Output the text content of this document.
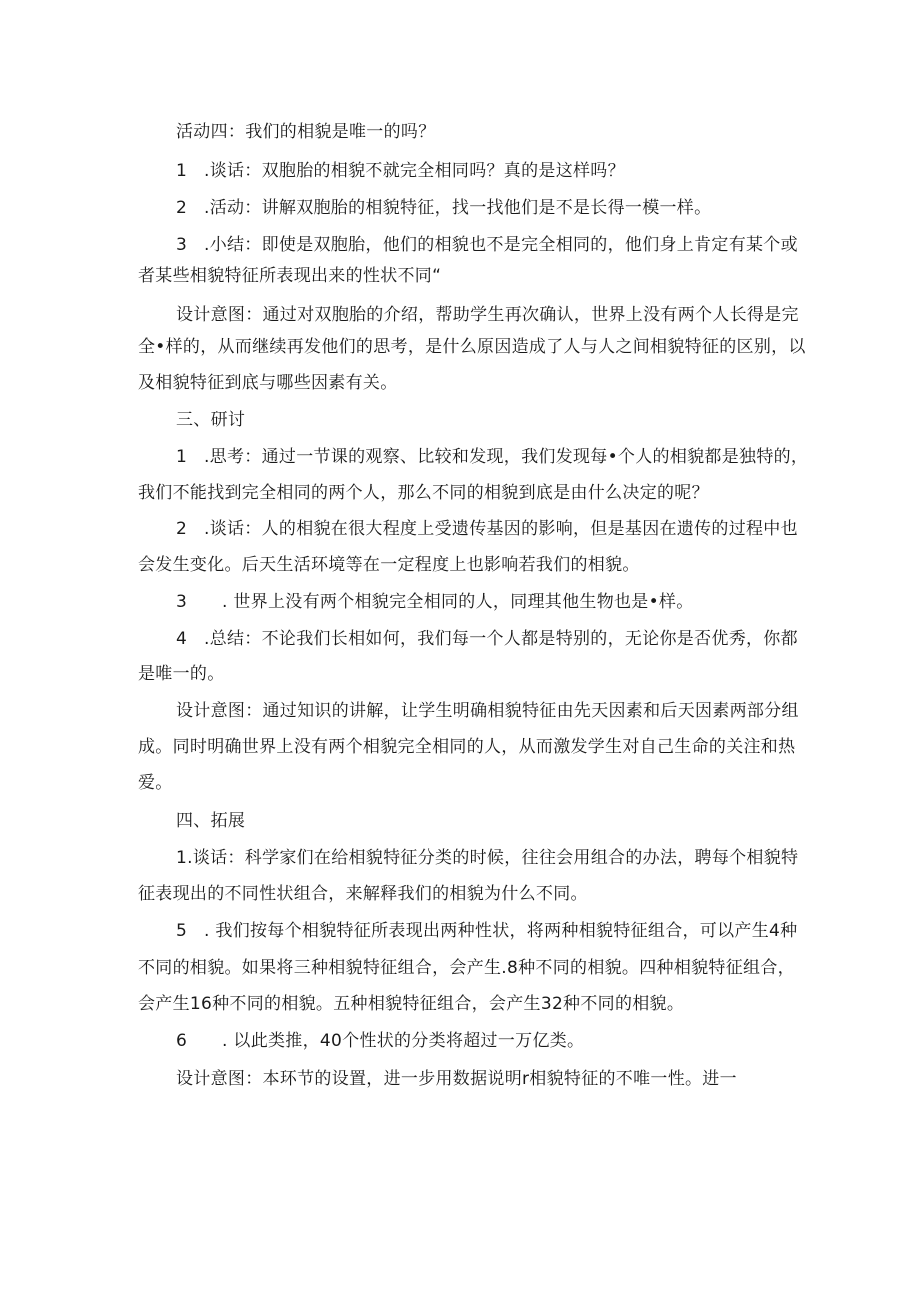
活动四：我们的相貌是唯一的吗？

1 .谈话：双胞胎的相貌不就完全相同吗？真的是这样吗？

2 .活动：讲解双胞胎的相貌特征，找一找他们是不是长得一模一样。

3 .小结：即使是双胞胎，他们的相貌也不是完全相同的，他们身上肯定有某个或

者某些相貌特征所表现出来的性状不同“

设计意图：通过对双胞胎的介绍，帮助学生再次确认，世界上没有两个人长得是完

全•样的，从而继续再发他们的思考，是什么原因造成了人与人之间相貌特征的区别，以

及相貌特征到底与哪些因素有关。

三、研讨

1 .思考：通过一节课的观察、比较和发现，我们发现每•个人的相貌都是独特的，

我们不能找到完全相同的两个人，那么不同的相貌到底是由什么决定的呢？

2 .谈话：人的相貌在很大程度上受遗传基因的影响，但是基因在遗传的过程中也

会发生变化。后天生活环境等在一定程度上也影响若我们的相貌。

3 . 世界上没有两个相貌完全相同的人，同理其他生物也是•样。

4 .总结：不论我们长相如何，我们每一个人都是特别的，无论你是否优秀，你都

是唯一的。

设计意图：通过知识的讲解，让学生明确相貌特征由先天因素和后天因素两部分组

成。同时明确世界上没有两个相貌完全相同的人，从而激发学生对自己生命的关注和热

爱。

四、拓展

1.谈话：科学家们在给相貌特征分类的时候，往往会用组合的办法，聘每个相貌特

征表现出的不同性状组合，来解释我们的相貌为什么不同。

5 . 我们按每个相貌特征所表现出两种性状，将两种相貌特征组合，可以产生4种

不同的相貌。如果将三种相貌特征组合，会产生.8种不同的相貌。四种相貌特征组合，

会产生16种不同的相貌。五种相貌特征组合，会产生32种不同的相貌。

6 . 以此类推，40个性状的分类将超过一万亿类。

设计意图：本环节的设置，进一步用数据说明r相貌特征的不唯一性。进一
